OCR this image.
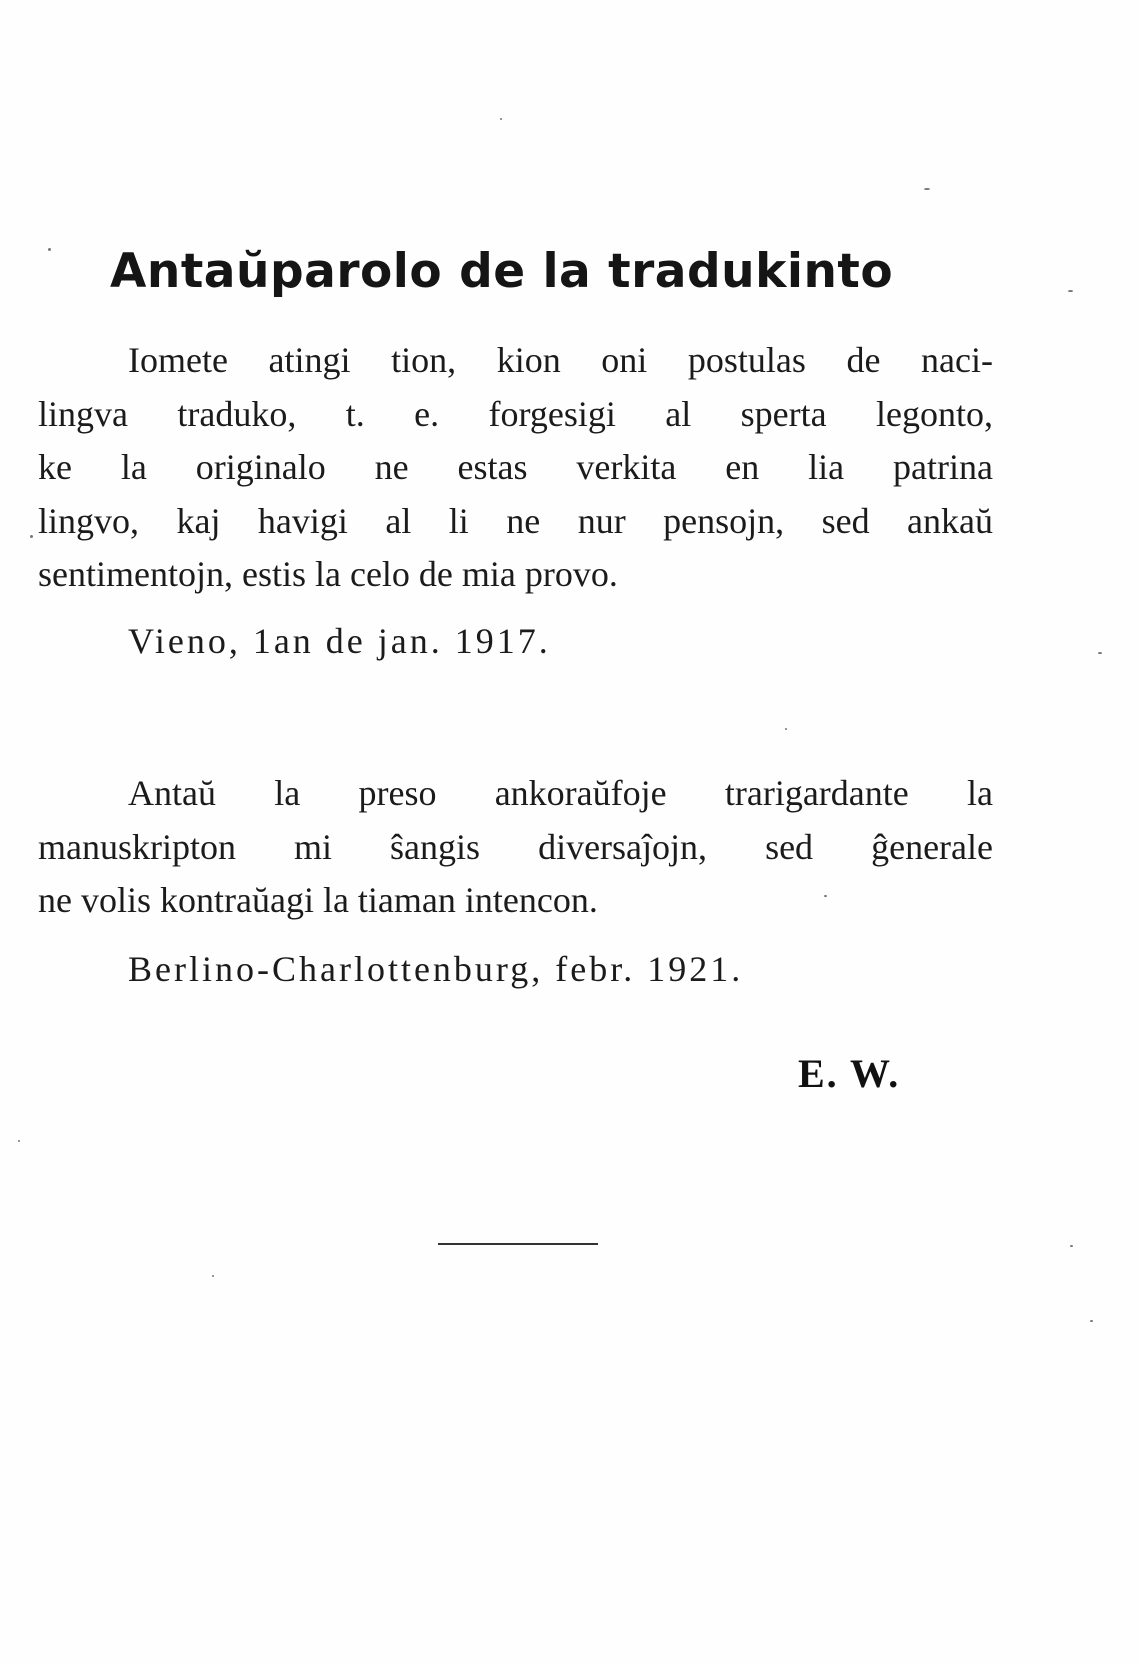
Antaŭparolo de la tradukinto
Iomete atingi tion, kion oni postulas de naci-
lingva traduko, t. e. forgesigi al sperta legonto,
ke la originalo ne estas verkita en lia patrina
lingvo, kaj havigi al li ne nur pensojn, sed ankaŭ
sentimentojn, estis la celo de mia provo.
Vieno, 1an de jan. 1917.
Antaŭ la preso ankoraŭfoje trarigardante la
manuskripton mi ŝangis diversaĵojn, sed ĝenerale
ne volis kontraŭagi la tiaman intencon.
Berlino-Charlottenburg, febr. 1921.
E. W.
